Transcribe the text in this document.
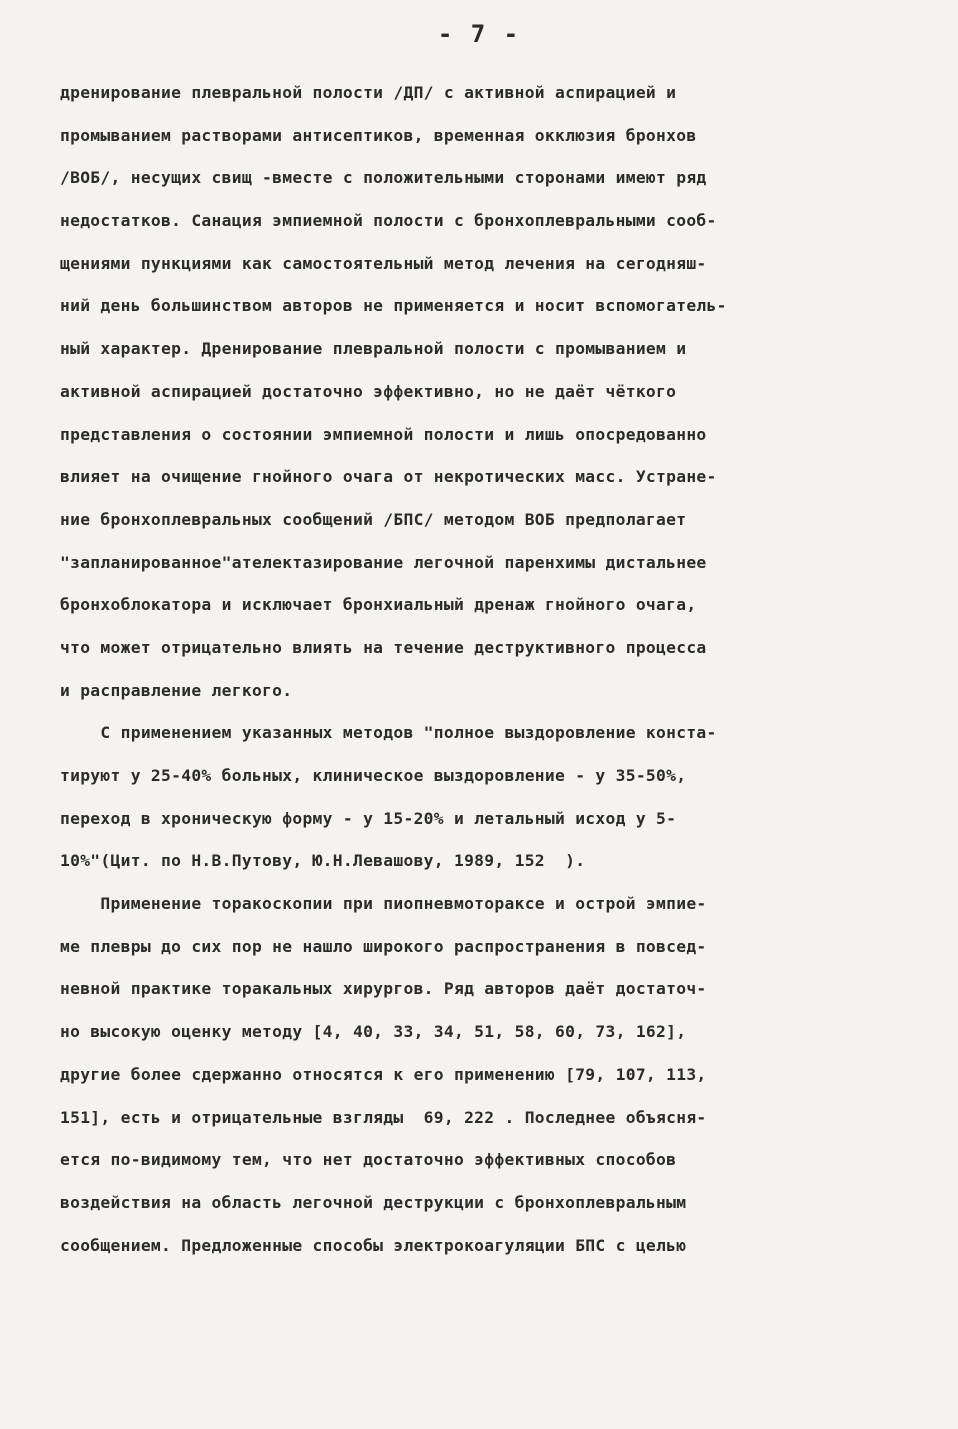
- 7 -
дренирование плевральной полости /ДП/ с активной аспирацией и
промыванием растворами антисептиков, временная окклюзия бронхов
/ВОБ/, несущих свищ -вместе с положительными сторонами имеют ряд
недостатков. Санация эмпиемной полости с бронхоплевральными сооб-
щениями пункциями как самостоятельный метод лечения на сегодняш-
ний день большинством авторов не применяется и носит вспомогатель-
ный характер. Дренирование плевральной полости с промыванием и
активной аспирацией достаточно эффективно, но не даёт чёткого
представления о состоянии эмпиемной полости и лишь опосредованно
влияет на очищение гнойного очага от некротических масс. Устране-
ние бронхоплевральных сообщений /БПС/ методом ВОБ предполагает
"запланированное"ателектазирование легочной паренхимы дистальнее
бронхоблокатора и исключает бронхиальный дренаж гнойного очага,
что может отрицательно влиять на течение деструктивного процесса
и расправление легкого.
С применением указанных методов "полное выздоровление конста-
тируют у 25-40% больных, клиническое выздоровление - у 35-50%,
переход в хроническую форму - у 15-20% и летальный исход у 5-
10%"(Цит. по Н.В.Путову, Ю.Н.Левашову, 1989, 152  ).
Применение торакоскопии при пиопневмотораксе и острой эмпие-
ме плевры до сих пор не нашло широкого распространения в повсед-
невной практике торакальных хирургов. Ряд авторов даёт достаточ-
но высокую оценку методу [4, 40, 33, 34, 51, 58, 60, 73, 162],
другие более сдержанно относятся к его применению [79, 107, 113,
151], есть и отрицательные взгляды  69, 222 . Последнее объясня-
ется по-видимому тем, что нет достаточно эффективных способов
воздействия на область легочной деструкции с бронхоплевральным
сообщением. Предложенные способы электрокоагуляции БПС с целью
